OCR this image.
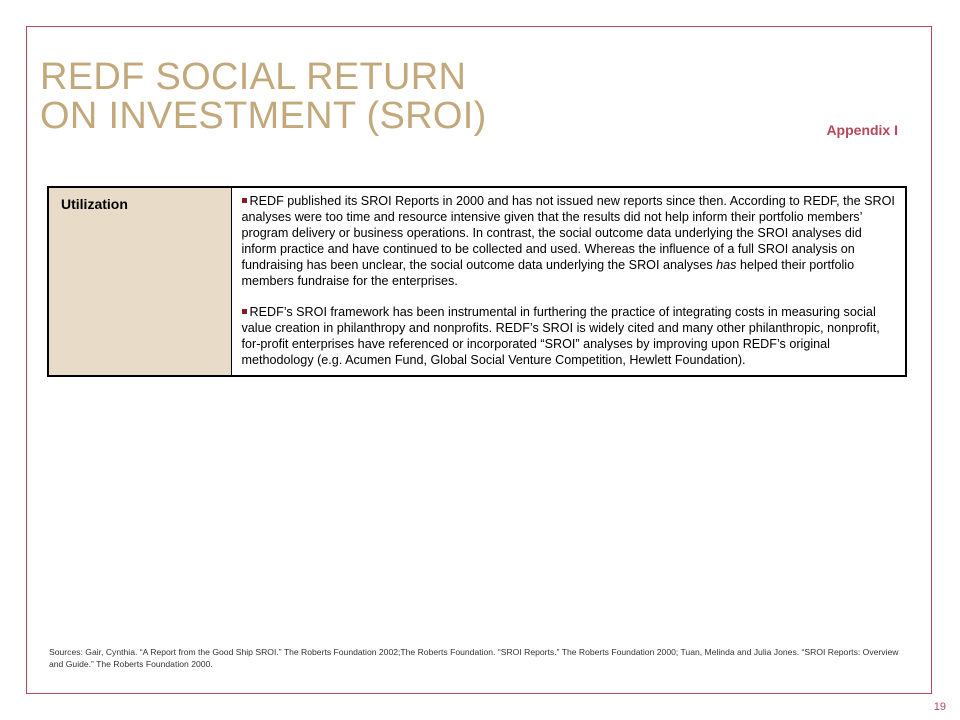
REDF SOCIAL RETURN
ON INVESTMENT (SROI)	Appendix I
Utilization	REDF published its SROI Reports in 2000 and has not issued new reports since then. According to REDF, the SROI analyses were too time and resource intensive given that the results did not help inform their portfolio members’ program delivery or business operations. In contrast, the social outcome data underlying the SROI analyses did inform practice and have continued to be collected and used. Whereas the influence of a full SROI analysis on fundraising has been unclear, the social outcome data underlying the SROI analyses has helped their portfolio members fundraise for the enterprises.

REDF’s SROI framework has been instrumental in furthering the practice of integrating costs in measuring social value creation in philanthropy and nonprofits. REDF’s SROI is widely cited and many other philanthropic, nonprofit, for-profit enterprises have referenced or incorporated “SROI” analyses by improving upon REDF’s original methodology (e.g. Acumen Fund, Global Social Venture Competition, Hewlett Foundation).

Sources: Gair, Cynthia. “A Report from the Good Ship SROI.” The Roberts Foundation 2002;The Roberts Foundation. “SROI Reports.” The Roberts Foundation 2000; Tuan, Melinda and Julia Jones. “SROI Reports: Overview and Guide.” The Roberts Foundation 2000.

19
